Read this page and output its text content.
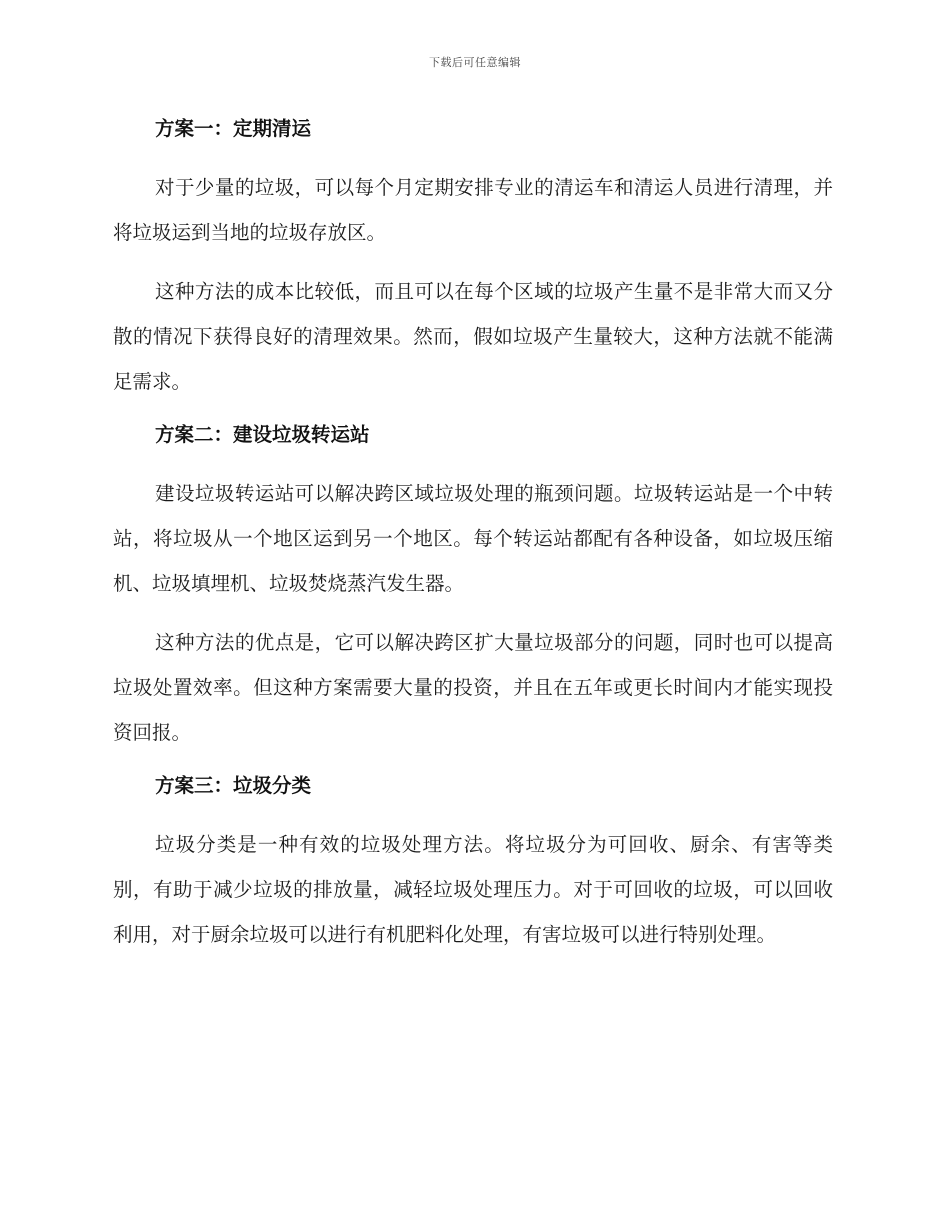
下载后可任意编辑
方案一：定期清运

对于少量的垃圾，可以每个月定期安排专业的清运车和清运人员进行清理，并将垃圾运到当地的垃圾存放区。

这种方法的成本比较低，而且可以在每个区域的垃圾产生量不是非常大而又分散的情况下获得良好的清理效果。然而，假如垃圾产生量较大，这种方法就不能满足需求。

方案二：建设垃圾转运站

建设垃圾转运站可以解决跨区域垃圾处理的瓶颈问题。垃圾转运站是一个中转站，将垃圾从一个地区运到另一个地区。每个转运站都配有各种设备，如垃圾压缩机、垃圾填埋机、垃圾焚烧蒸汽发生器。

这种方法的优点是，它可以解决跨区扩大量垃圾部分的问题，同时也可以提高垃圾处置效率。但这种方案需要大量的投资，并且在五年或更长时间内才能实现投资回报。

方案三：垃圾分类

垃圾分类是一种有效的垃圾处理方法。将垃圾分为可回收、厨余、有害等类别，有助于减少垃圾的排放量，减轻垃圾处理压力。对于可回收的垃圾，可以回收利用，对于厨余垃圾可以进行有机肥料化处理，有害垃圾可以进行特别处理。
